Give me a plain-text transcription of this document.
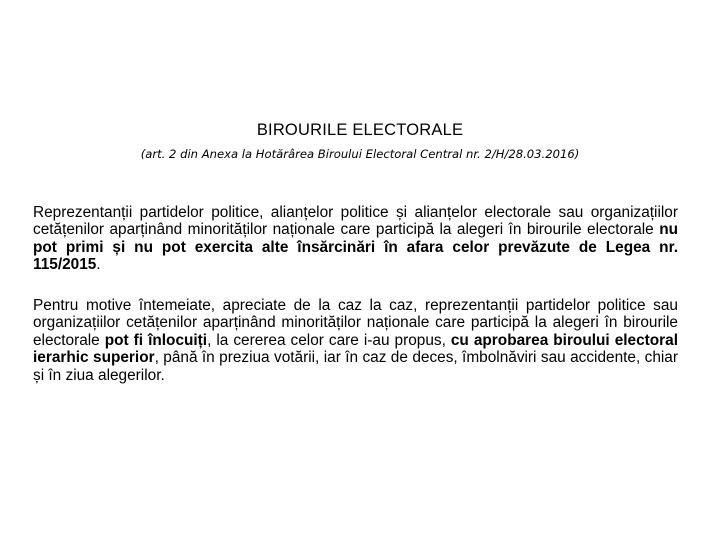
BIROURILE ELECTORALE
(art. 2 din Anexa la Hotărârea Biroului Electoral Central nr. 2/H/28.03.2016)

Reprezentanții partidelor politice, alianțelor politice și alianțelor electorale sau organizațiilor cetățenilor aparținând minorităților naționale care participă la alegeri în birourile electorale nu pot primi și nu pot exercita alte însărcinări în afara celor prevăzute de Legea nr. 115/2015.

Pentru motive întemeiate, apreciate de la caz la caz, reprezentanții partidelor politice sau organizațiilor cetățenilor aparținând minorităților naționale care participă la alegeri în birourile electorale pot fi înlocuiți, la cererea celor care i-au propus, cu aprobarea biroului electoral ierarhic superior, până în preziua votării, iar în caz de deces, îmbolnăviri sau accidente, chiar și în ziua alegerilor.
